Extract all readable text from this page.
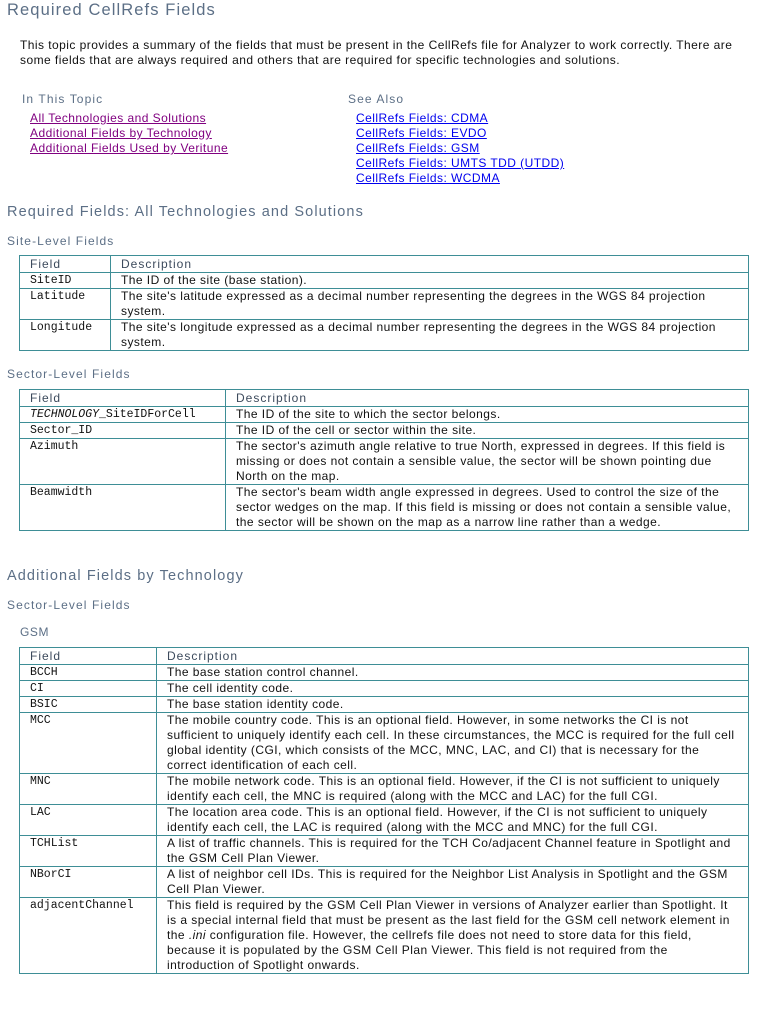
Required CellRefs Fields

This topic provides a summary of the fields that must be present in the CellRefs file for Analyzer to work correctly. There are some fields that are always required and others that are required for specific technologies and solutions.

In This Topic
All Technologies and Solutions
Additional Fields by Technology
Additional Fields Used by Veritune
See Also
CellRefs Fields: CDMA
CellRefs Fields: EVDO
CellRefs Fields: GSM
CellRefs Fields: UMTS TDD (UTDD)
CellRefs Fields: WCDMA
Required Fields: All Technologies and Solutions
Site-Level Fields
Field	Description
SiteID	The ID of the site (base station).
Latitude	The site's latitude expressed as a decimal number representing the degrees in the WGS 84 projection system.
Longitude	The site's longitude expressed as a decimal number representing the degrees in the WGS 84 projection system.
Sector-Level Fields
Field	Description
TECHNOLOGY_SiteIDForCell	The ID of the site to which the sector belongs.
Sector_ID	The ID of the cell or sector within the site.
Azimuth	The sector's azimuth angle relative to true North, expressed in degrees. If this field is missing or does not contain a sensible value, the sector will be shown pointing due North on the map.
Beamwidth	The sector's beam width angle expressed in degrees. Used to control the size of the sector wedges on the map. If this field is missing or does not contain a sensible value, the sector will be shown on the map as a narrow line rather than a wedge.
Additional Fields by Technology
Sector-Level Fields
GSM
Field	Description
BCCH	The base station control channel.
CI	The cell identity code.
BSIC	The base station identity code.
MCC	The mobile country code. This is an optional field. However, in some networks the CI is not sufficient to uniquely identify each cell. In these circumstances, the MCC is required for the full cell global identity (CGI, which consists of the MCC, MNC, LAC, and CI) that is necessary for the correct identification of each cell.
MNC	The mobile network code. This is an optional field. However, if the CI is not sufficient to uniquely identify each cell, the MNC is required (along with the MCC and LAC) for the full CGI.
LAC	The location area code. This is an optional field. However, if the CI is not sufficient to uniquely identify each cell, the LAC is required (along with the MCC and MNC) for the full CGI.
TCHList	A list of traffic channels. This is required for the TCH Co/adjacent Channel feature in Spotlight and the GSM Cell Plan Viewer.
NBorCI	A list of neighbor cell IDs. This is required for the Neighbor List Analysis in Spotlight and the GSM Cell Plan Viewer.
adjacentChannel	This field is required by the GSM Cell Plan Viewer in versions of Analyzer earlier than Spotlight. It is a special internal field that must be present as the last field for the GSM cell network element in the .ini configuration file. However, the cellrefs file does not need to store data for this field, because it is populated by the GSM Cell Plan Viewer. This field is not required from the introduction of Spotlight onwards.
